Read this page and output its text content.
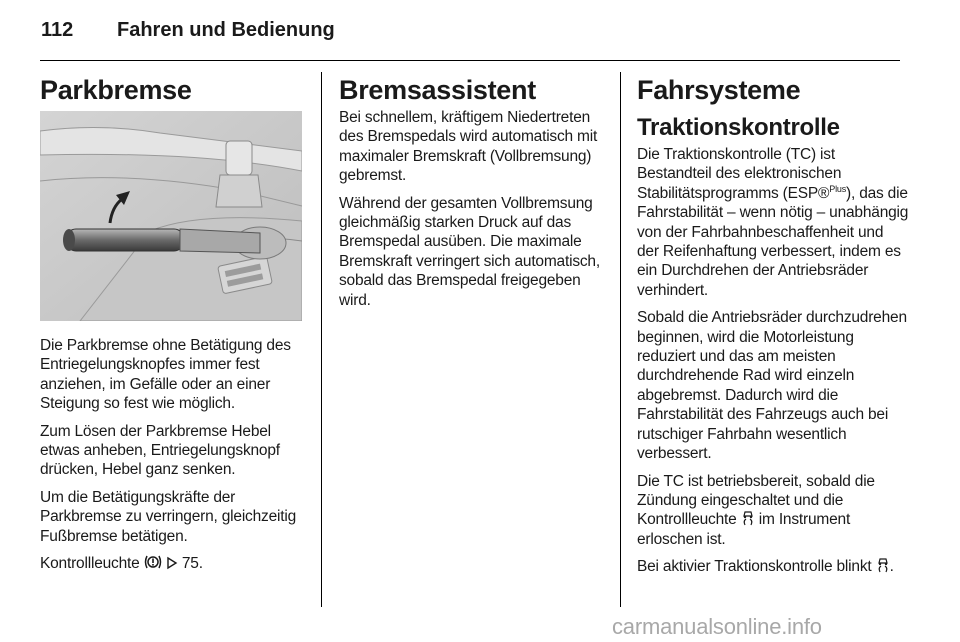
112 Fahren und Bedienung
Parkbremse

Die Parkbremse ohne Betätigung des Entriegelungsknopfes immer fest anziehen, im Gefälle oder an einer Steigung so fest wie möglich.

Zum Lösen der Parkbremse Hebel etwas anheben, Entriegelungsknopf drücken, Hebel ganz senken.

Um die Betätigungskräfte der Parkbremse zu verringern, gleichzeitig Fußbremse betätigen.

Kontrollleuchte	75.

Bremsassistent

Bei schnellem, kräftigem Niedertreten des Bremspedals wird automatisch mit maximaler Bremskraft (Vollbremsung) gebremst.

Während der gesamten Vollbremsung gleichmäßig starken Druck auf das Bremspedal ausüben. Die maximale Bremskraft verringert sich automatisch, sobald das Bremspedal freigegeben wird.

Fahrsysteme
Traktionskontrolle

Die Traktionskontrolle (TC) ist Bestandteil des elektronischen Stabilitätsprogramms (ESP®$^{Plus}$), das die Fahrstabilität – wenn nötig – unabhängig von der Fahrbahnbeschaffenheit und der Reifenhaftung verbessert, indem es ein Durchdrehen der Antriebsräder verhindert.

Sobald die Antriebsräder durchzudrehen beginnen, wird die Motorleistung reduziert und das am meisten durchdrehende Rad wird einzeln abgebremst. Dadurch wird die Fahrstabilität des Fahrzeugs auch bei rutschiger Fahrbahn wesentlich verbessert.

Die TC ist betriebsbereit, sobald die Zündung eingeschaltet und die Kontrollleuchte im Instrument erloschen ist.

Bei aktivier Traktionskontrolle blinkt .

carmanualsonline.info
